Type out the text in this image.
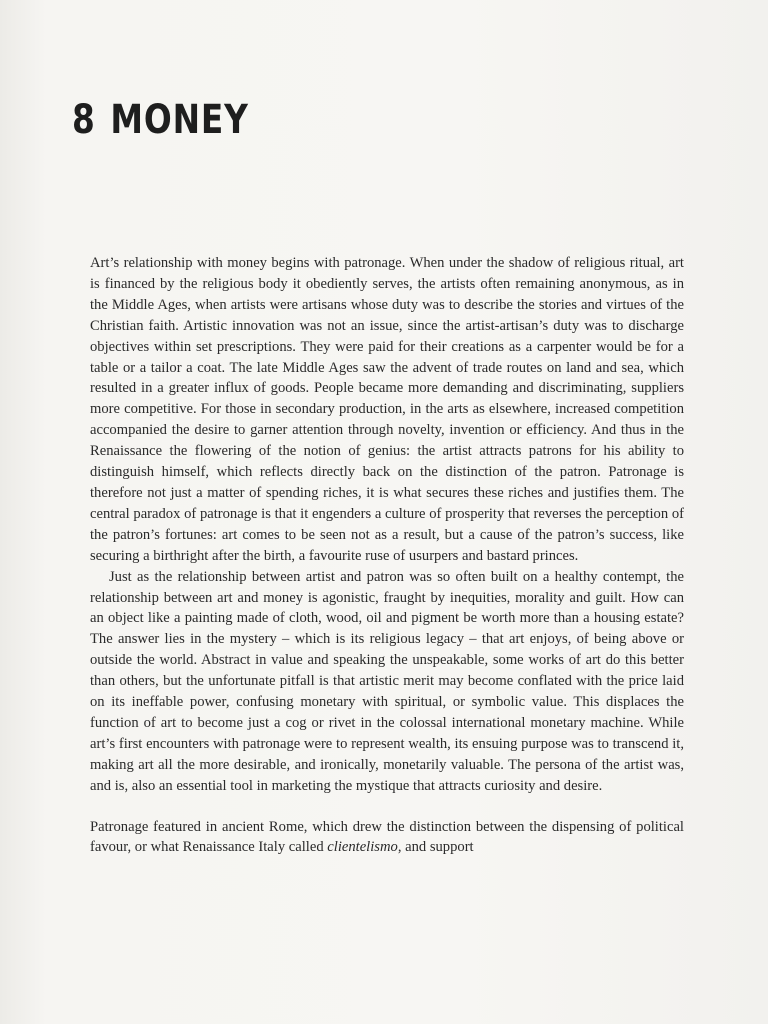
8 MONEY

Art’s relationship with money begins with patronage. When under the shadow of religious ritual, art is financed by the religious body it obediently serves, the artists often remaining anonymous, as in the Middle Ages, when artists were artisans whose duty was to describe the stories and virtues of the Christian faith. Artistic innovation was not an issue, since the artist-artisan’s duty was to discharge objectives within set prescriptions. They were paid for their creations as a carpenter would be for a table or a tailor a coat. The late Middle Ages saw the advent of trade routes on land and sea, which resulted in a greater influx of goods. People became more demanding and discriminating, suppliers more competitive. For those in secondary production, in the arts as elsewhere, increased competition accompanied the desire to garner attention through novelty, invention or efficiency. And thus in the Renaissance the flowering of the notion of genius: the artist attracts patrons for his ability to distinguish himself, which reflects directly back on the distinction of the patron. Patronage is therefore not just a matter of spending riches, it is what secures these riches and justifies them. The central paradox of patronage is that it engenders a culture of prosperity that reverses the perception of the patron’s fortunes: art comes to be seen not as a result, but a cause of the patron’s success, like securing a birthright after the birth, a favourite ruse of usurpers and bastard princes.

Just as the relationship between artist and patron was so often built on a healthy contempt, the relationship between art and money is agonistic, fraught by inequities, morality and guilt. How can an object like a painting made of cloth, wood, oil and pigment be worth more than a housing estate? The answer lies in the mystery – which is its religious legacy – that art enjoys, of being above or outside the world. Abstract in value and speaking the unspeakable, some works of art do this better than others, but the unfortunate pitfall is that artistic merit may become conflated with the price laid on its ineffable power, confusing monetary with spiritual, or symbolic value. This displaces the function of art to become just a cog or rivet in the colossal international monetary machine. While art’s first encounters with patronage were to represent wealth, its ensuing purpose was to transcend it, making art all the more desirable, and ironically, monetarily valuable. The persona of the artist was, and is, also an essential tool in marketing the mystique that attracts curiosity and desire.

Patronage featured in ancient Rome, which drew the distinction between the dispensing of political favour, or what Renaissance Italy called clientelismo, and support
